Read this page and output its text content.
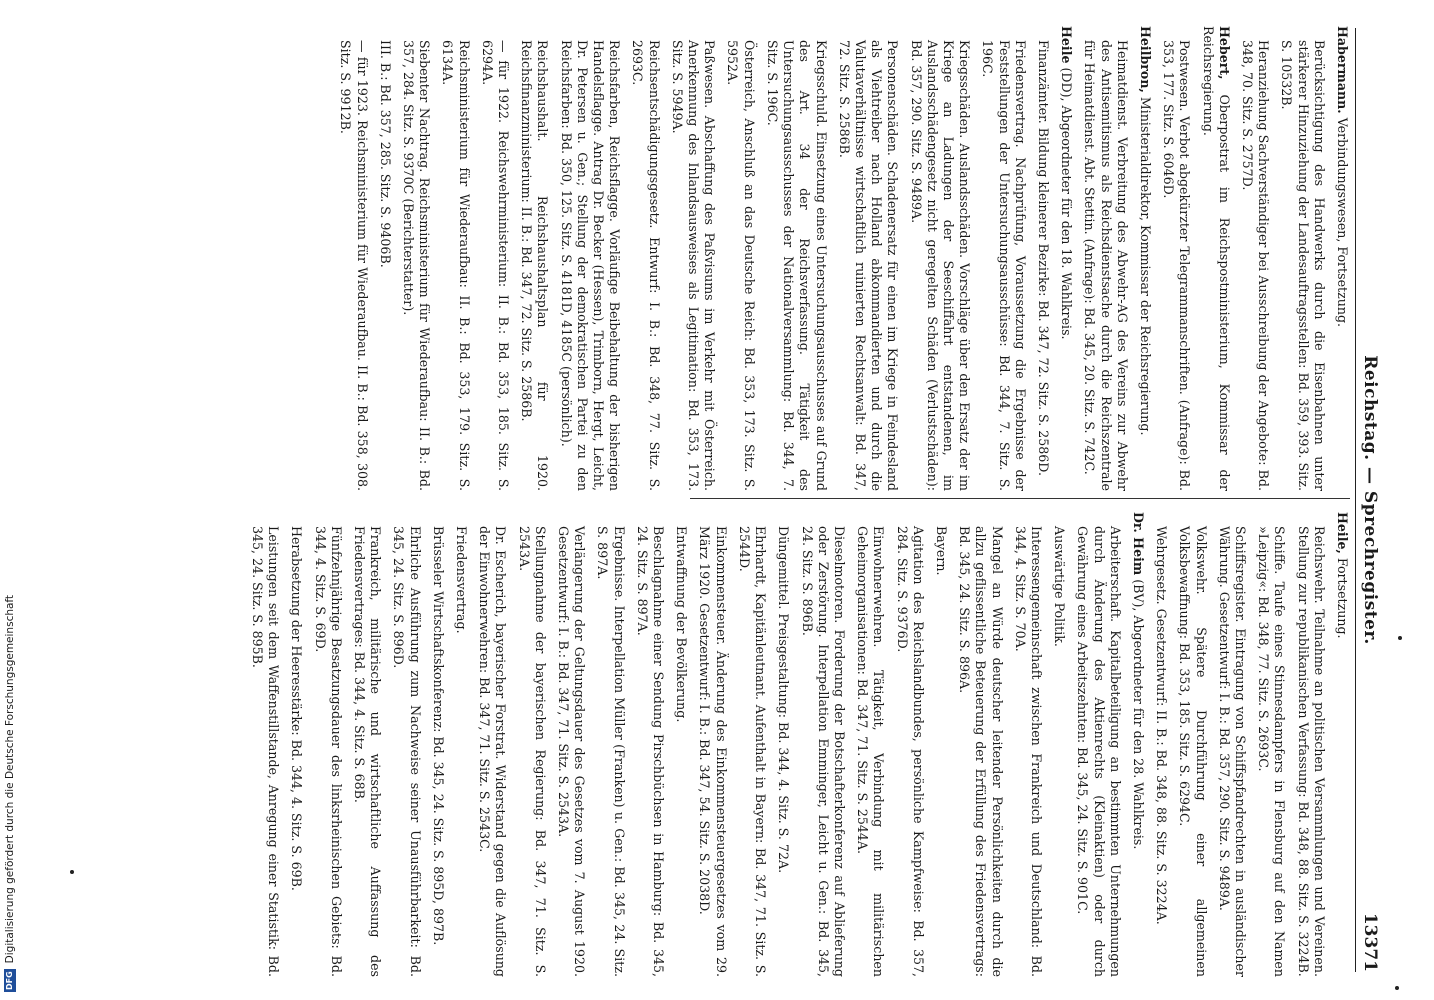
Reichstag. — Sprechregister.
13371
Habermann. Verbindungswesen, Fortsetzung.
Berücksichtigung des Handwerks durch die Eisenbahnen unter stärkerer Hinzuziehung der Landesauftragsstellen: Bd. 359, 393. Sitz. S. 10532B.
Heranziehung Sachverständiger bei Ausschreibung der Angebote: Bd. 348, 70. Sitz. S. 2757D.
Hebert, Oberpostrat im Reichspostministerium, Kommissar der Reichsregierung.
Postwesen. Verbot abgekürzter Telegrammanschriften. (Anfrage): Bd. 353, 177. Sitz. S. 6046D.
Heilbron, Ministerialdirektor, Kommissar der Reichsregierung.
Heimatdienst. Verbreitung des Abwehr-AG des Vereins zur Abwehr des Antisemitismus als Reichsdienstsache durch die Reichszentrale für Heimatdienst. Abt. Stettin. (Anfrage): Bd. 345, 20. Sitz. S. 742C.
Heile (DD), Abgeordneter für den 18. Wahlkreis.
Finanzämter. Bildung kleinerer Bezirke: Bd. 347, 72. Sitz. S. 2586D.
Friedensvertrag. Nachprüfung, Voraussetzung die Ergebnisse der Feststellungen der Untersuchungsausschüsse: Bd. 344, 7. Sitz. S. 196C.
Kriegsschäden. Auslandsschäden. Vorschläge über den Ersatz der im Kriege an Ladungen der Seeschiffahrt entstandenen, im Auslandsschädengesetz nicht geregelten Schäden (Verlustschäden): Bd. 357, 290. Sitz. S. 9489A.
Personenschäden. Schadenersatz für einen im Kriege in Feindesland als Viehtreiber nach Holland abkommandierten und durch die Valutaverhältnisse wirtschaftlich ruinierten Rechtsanwalt: Bd. 347, 72. Sitz. S. 2586B.
Kriegsschuld. Einsetzung eines Untersuchungsausschusses auf Grund des Art. 34 der Reichsverfassung. Tätigkeit des Untersuchungsausschusses der Nationalversammlung: Bd. 344, 7. Sitz. S. 196C.
Österreich, Anschluß an das Deutsche Reich: Bd. 353, 173. Sitz. S. 5952A.
Paßwesen. Abschaffung des Paßvisums im Verkehr mit Österreich. Anerkennung des Inlandsausweises als Legitimation: Bd. 353, 173. Sitz. S. 5949A.
Reichsentschädigungsgesetz. Entwurf: I. B.: Bd. 348, 77. Sitz. S. 2693C.
Reichsfarben, Reichsflagge. Vorläufige Beibehaltung der bisherigen Handelsflagge. Antrag Dr. Becker (Hessen), Trimborn, Hergt, Leicht, Dr. Petersen u. Gen.; Stellung der demokratischen Partei zu den Reichsfarben: Bd. 350, 125. Sitz. S. 4181D, 4185C (persönlich).
Reichshaushalt. Reichshaushaltsplan für 1920. Reichsfinanzministerium: II. B.: Bd. 347, 72. Sitz. S. 2586B.
— für 1922. Reichswehrministerium: II. B.: Bd. 353, 185. Sitz. S. 6294A.
Reichsministerium für Wiederaufbau: II. B.: Bd. 353, 179. Sitz. S. 6134A.
Siebenter Nachtrag. Reichsministerium für Wiederaufbau: II. B.: Bd. 357, 284. Sitz. S. 9370C (Berichterstatter).
III. B.: Bd. 357, 285. Sitz. S. 9406B.
— für 1923. Reichsministerium für Wiederaufbau. II. B.: Bd. 358, 308. Sitz. S. 9912B.
Heile, Fortsetzung.
Reichswehr. Teilnahme an politischen Versammlungen und Vereinen. Stellung zur republikanischen Verfassung: Bd. 348, 88. Sitz. S. 3224B.
Schiffe. Taufe eines Stinnesdampfers in Flensburg auf den Namen »Leipzig«: Bd. 348, 77. Sitz. S. 2693C.
Schiffsregister. Eintragung von Schiffspfandrechten in ausländischer Währung. Gesetzentwurf: I. B.: Bd. 357, 290. Sitz. S. 9489A.
Volkswehr. Spätere Durchführung einer allgemeinen Volksbewaffnung: Bd. 353, 185. Sitz. S. 6294C.
Wehrgesetz. Gesetzentwurf: II. B.: Bd. 348, 88. Sitz. S. 3224A.
Dr. Heim (BV), Abgeordneter für den 28. Wahlkreis.
Arbeiterschaft. Kapitalbeteiligung an bestimmten Unternehmungen durch Änderung des Aktienrechts (Kleinaktien) oder durch Gewährung eines Arbeitszehnten: Bd. 345, 24. Sitz. S. 901C.
Auswärtige Politik.
Interessengemeinschaft zwischen Frankreich und Deutschland: Bd. 344, 4. Sitz. S. 70A.
Mangel an Würde deutscher leitender Persönlichkeiten durch die allzu geflissentliche Beteuerung der Erfüllung des Friedensvertrags: Bd. 345, 24. Sitz. S. 896A.
Bayern.
Agitation des Reichslandbundes, persönliche Kampfweise: Bd. 357, 284. Sitz. S. 9376D.
Einwohnerwehren. Tätigkeit, Verbindung mit militärischen Geheimorganisationen: Bd. 347, 71. Sitz. S. 2544A.
Dieselmotoren. Forderung der Botschafterkonferenz auf Ablieferung oder Zerstörung. Interpellation Emminger, Leicht u. Gen.: Bd. 345, 24. Sitz. S. 896B.
Düngemittel. Preisgestaltung: Bd. 344, 4. Sitz. S. 72A.
Ehrhardt, Kapitänleutnant. Aufenthalt in Bayern: Bd. 347, 71. Sitz. S. 2544D.
Einkommensteuer. Änderung des Einkommensteuergesetzes vom 29. März 1920. Gesetzentwurf: I. B.: Bd. 347, 54. Sitz. S. 2038D.
Entwaffnung der Bevölkerung.
Beschlagnahme einer Sendung Pirschbüchsen in Hamburg: Bd. 345, 24. Sitz. S. 897A.
Ergebnisse. Interpellation Müller (Franken) u. Gen.: Bd. 345, 24. Sitz. S. 897A.
Verlängerung der Geltungsdauer des Gesetzes vom 7. August 1920. Gesetzentwurf: I. B.: Bd. 347, 71. Sitz. S. 2543A.
Stellungnahme der bayerischen Regierung: Bd. 347, 71. Sitz. S. 2543A.
Dr. Escherich, bayerischer Forstrat. Widerstand gegen die Auflösung der Einwohnerwehren: Bd. 347, 71. Sitz. S. 2543C.
Friedensvertrag.
Brüsseler Wirtschaftskonferenz: Bd. 345, 24. Sitz. S. 895D, 897B.
Ehrliche Ausführung zum Nachweise seiner Unausführbarkeit: Bd. 345, 24. Sitz. S. 896D.
Frankreich, militärische und wirtschaftliche Auffassung des Friedensvertrages: Bd. 344, 4. Sitz. S. 68B.
Fünfzehnjährige Besatzungsdauer des linksrheinischen Gebiets: Bd. 344, 4. Sitz. S. 69D.
Herabsetzung der Heeresstärke: Bd. 344, 4. Sitz. S. 69B.
Leistungen seit dem Waffenstillstande, Anregung einer Statistik: Bd. 345, 24. Sitz. S. 895B.
DFG
Digitalisierung gefördert durch die Deutsche Forschungsgemeinschaft
